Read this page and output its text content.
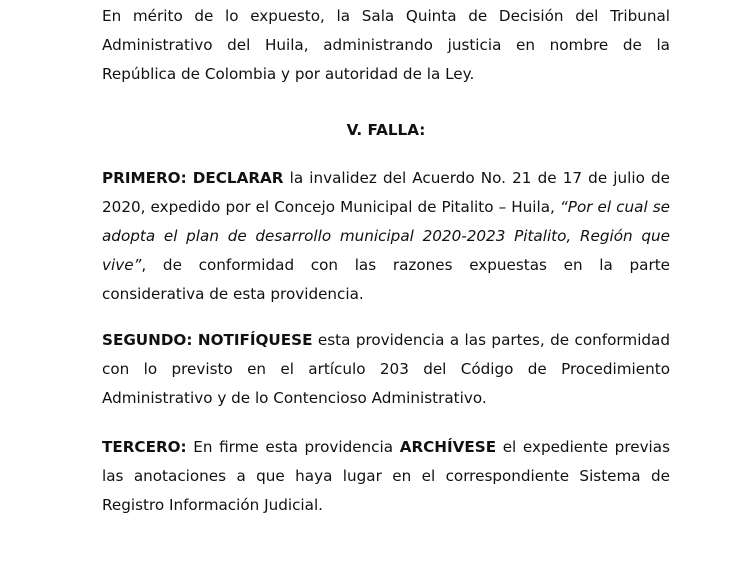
En mérito de lo expuesto, la Sala Quinta de Decisión del Tribunal Administrativo del Huila, administrando justicia en nombre de la República de Colombia y por autoridad de la Ley.

V. FALLA:

PRIMERO: DECLARAR la invalidez del Acuerdo No. 21 de 17 de julio de 2020, expedido por el Concejo Municipal de Pitalito – Huila, “Por el cual se adopta el plan de desarrollo municipal 2020-2023 Pitalito, Región que vive”, de conformidad con las razones expuestas en la parte considerativa de esta providencia.

SEGUNDO: NOTIFÍQUESE esta providencia a las partes, de conformidad con lo previsto en el artículo 203 del Código de Procedimiento Administrativo y de lo Contencioso Administrativo.

TERCERO: En firme esta providencia ARCHÍVESE el expediente previas las anotaciones a que haya lugar en el correspondiente Sistema de Registro Información Judicial.
